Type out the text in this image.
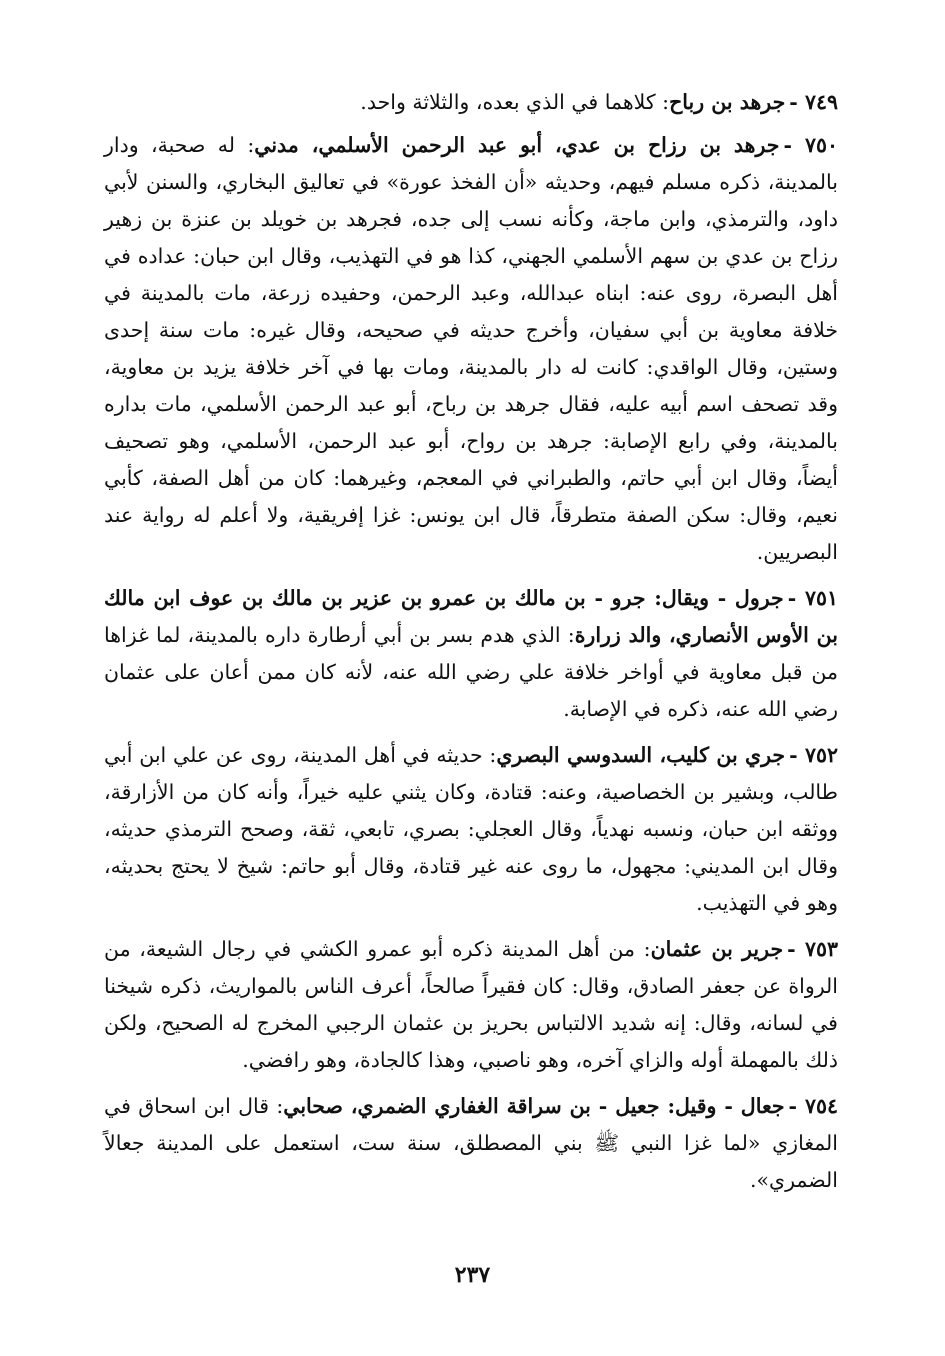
٧٤٩ -جرهد بن رباح: كلاهما في الذي بعده، والثلاثة واحد.

٧٥٠ -جرهد بن رزاح بن عدي، أبو عبد الرحمن الأسلمي، مدني: له صحبة، ودار بالمدينة، ذكره مسلم فيهم، وحديثه «أن الفخذ عورة» في تعاليق البخاري، والسنن لأبي داود، والترمذي، وابن ماجة، وكأنه نسب إلى جده، فجرهد بن خويلد بن عنزة بن زهير رزاح بن عدي بن سهم الأسلمي الجهني، كذا هو في التهذيب، وقال ابن حبان: عداده في أهل البصرة، روى عنه: ابناه عبدالله، وعبد الرحمن، وحفيده زرعة، مات بالمدينة في خلافة معاوية بن أبي سفيان، وأخرج حديثه في صحيحه، وقال غيره: مات سنة إحدى وستين، وقال الواقدي: كانت له دار بالمدينة، ومات بها في آخر خلافة يزيد بن معاوية، وقد تصحف اسم أبيه عليه، فقال جرهد بن رباح، أبو عبد الرحمن الأسلمي، مات بداره بالمدينة، وفي رابع الإصابة: جرهد بن رواح، أبو عبد الرحمن، الأسلمي، وهو تصحيف أيضاً، وقال ابن أبي حاتم، والطبراني في المعجم، وغيرهما: كان من أهل الصفة، كأبي نعيم، وقال: سكن الصفة متطرقاً، قال ابن يونس: غزا إفريقية، ولا أعلم له رواية عند البصريين.

٧٥١ -جرول - ويقال: جرو - بن مالك بن عمرو بن عزير بن مالك بن عوف ابن مالك بن الأوس الأنصاري، والد زرارة: الذي هدم بسر بن أبي أرطارة داره بالمدينة، لما غزاها من قبل معاوية في أواخر خلافة علي رضي الله عنه، لأنه كان ممن أعان على عثمان رضي الله عنه، ذكره في الإصابة.

٧٥٢ -جري بن كليب، السدوسي البصري: حديثه في أهل المدينة، روى عن علي ابن أبي طالب، وبشير بن الخصاصية، وعنه: قتادة، وكان يثني عليه خيراً، وأنه كان من الأزارقة، ووثقه ابن حبان، ونسبه نهدياً، وقال العجلي: بصري، تابعي، ثقة، وصحح الترمذي حديثه، وقال ابن المديني: مجهول، ما روى عنه غير قتادة، وقال أبو حاتم: شيخ لا يحتج بحديثه، وهو في التهذيب.

٧٥٣ -جرير بن عثمان: من أهل المدينة ذكره أبو عمرو الكشي في رجال الشيعة، من الرواة عن جعفر الصادق، وقال: كان فقيراً صالحاً، أعرف الناس بالمواريث، ذكره شيخنا في لسانه، وقال: إنه شديد الالتباس بحريز بن عثمان الرجبي المخرج له الصحيح، ولكن ذلك بالمهملة أوله والزاي آخره، وهو ناصبي، وهذا كالجادة، وهو رافضي.

٧٥٤ -جعال - وقيل: جعيل - بن سراقة الغفاري الضمري، صحابي: قال ابن اسحاق في المغازي «لما غزا النبي ﷺ بني المصطلق، سنة ست، استعمل على المدينة جعالاً الضمري».

٢٣٧
